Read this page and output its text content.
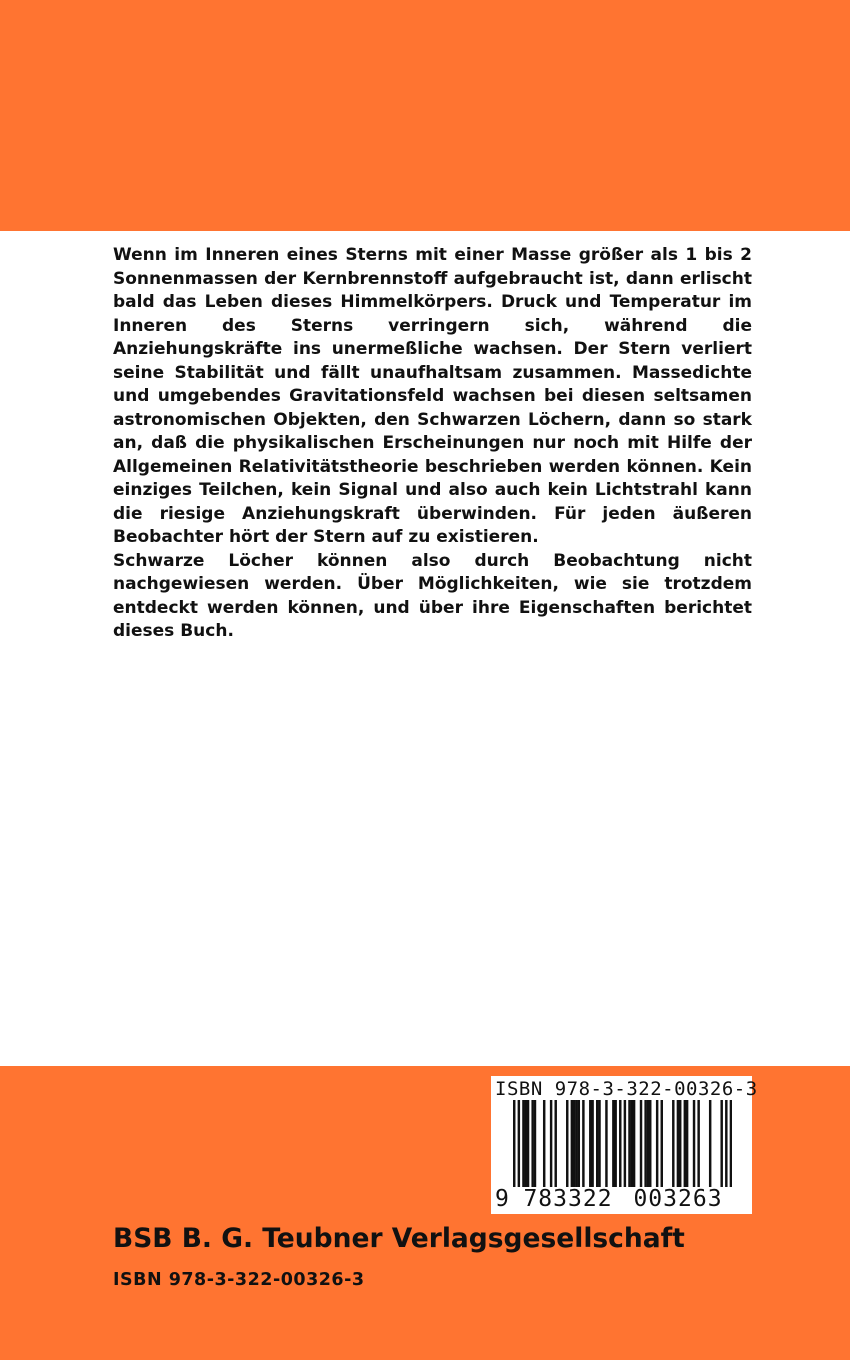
Wenn im Inneren eines Sterns mit einer Masse größer als 1 bis 2 Sonnenmassen der Kernbrennstoff aufgebraucht ist, dann erlischt bald das Leben dieses Himmelkörpers. Druck und Temperatur im Inneren des Sterns verringern sich, während die Anziehungskräfte ins unermeßliche wachsen. Der Stern verliert seine Stabilität und fällt unaufhaltsam zusammen. Massedichte und umgebendes Gravitationsfeld wachsen bei diesen seltsamen astronomischen Objekten, den Schwarzen Löchern, dann so stark an, daß die physikalischen Erscheinungen nur noch mit Hilfe der Allgemeinen Relativitätstheorie beschrieben werden können. Kein einziges Teilchen, kein Signal und also auch kein Lichtstrahl kann die riesige Anziehungskraft überwinden. Für jeden äußeren Beobachter hört der Stern auf zu existieren.

Schwarze Löcher können also durch Beobachtung nicht nachgewiesen werden. Über Möglichkeiten, wie sie trotzdem entdeckt werden können, und über ihre Eigenschaften berichtet dieses Buch.

ISBN 978-3-322-00326-3
9 783322 003263
BSB B. G. Teubner Verlagsgesellschaft
ISBN 978-3-322-00326-3
